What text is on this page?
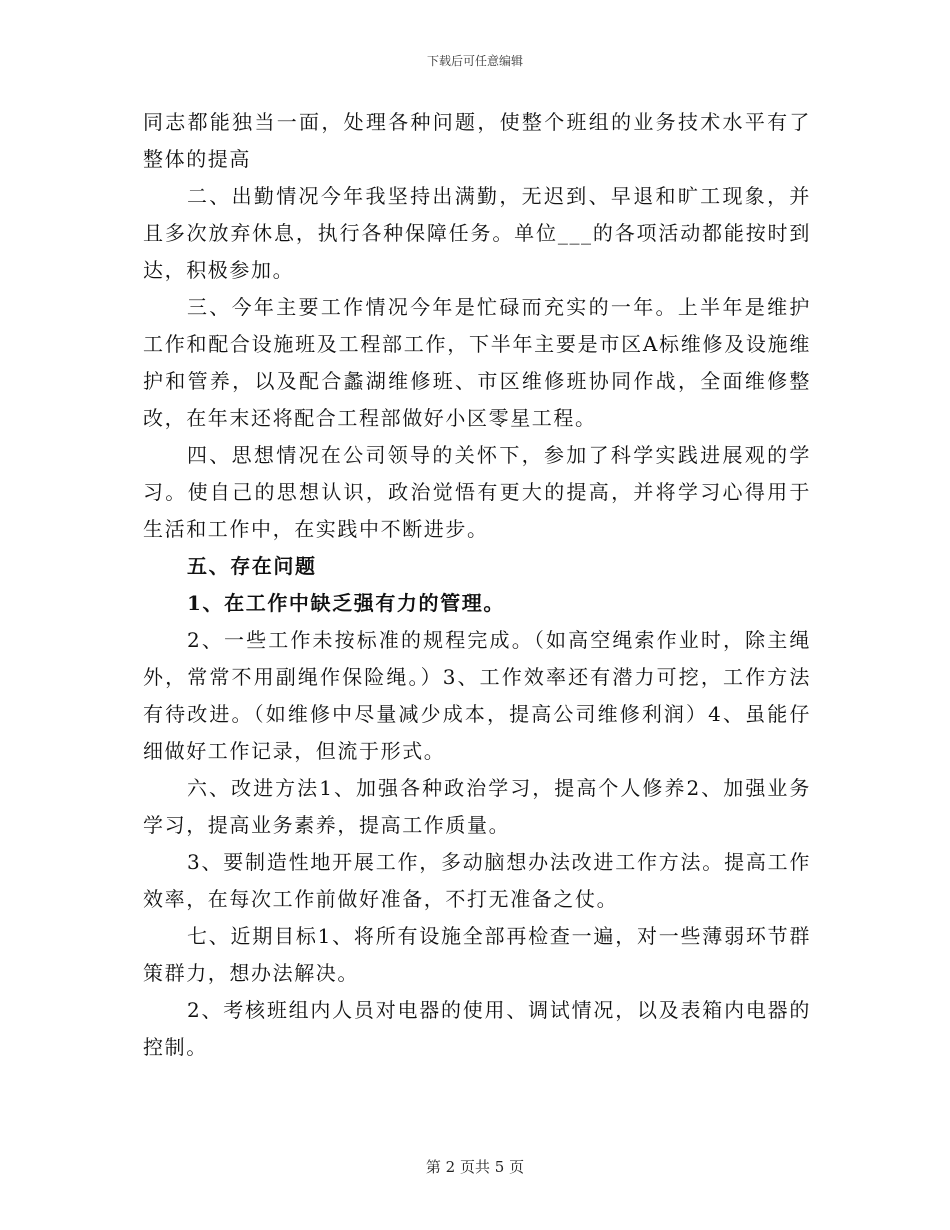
下载后可任意编辑

同志都能独当一面，处理各种问题，使整个班组的业务技术水平有了整体的提高

二、出勤情况今年我坚持出满勤，无迟到、早退和旷工现象，并且多次放弃休息，执行各种保障任务。单位___的各项活动都能按时到达，积极参加。

三、今年主要工作情况今年是忙碌而充实的一年。上半年是维护工作和配合设施班及工程部工作，下半年主要是市区A标维修及设施维护和管养，以及配合蠡湖维修班、市区维修班协同作战，全面维修整改，在年末还将配合工程部做好小区零星工程。

四、思想情况在公司领导的关怀下，参加了科学实践进展观的学习。使自己的思想认识，政治觉悟有更大的提高，并将学习心得用于生活和工作中，在实践中不断进步。

五、存在问题

1、在工作中缺乏强有力的管理。

2、一些工作未按标准的规程完成。（如高空绳索作业时，除主绳外，常常不用副绳作保险绳。）3、工作效率还有潜力可挖，工作方法有待改进。（如维修中尽量减少成本，提高公司维修利润）4、虽能仔细做好工作记录，但流于形式。

六、改进方法1、加强各种政治学习，提高个人修养2、加强业务学习，提高业务素养，提高工作质量。

3、要制造性地开展工作，多动脑想办法改进工作方法。提高工作效率，在每次工作前做好准备，不打无准备之仗。

七、近期目标1、将所有设施全部再检查一遍，对一些薄弱环节群策群力，想办法解决。

2、考核班组内人员对电器的使用、调试情况，以及表箱内电器的控制。

第 2 页共 5 页
